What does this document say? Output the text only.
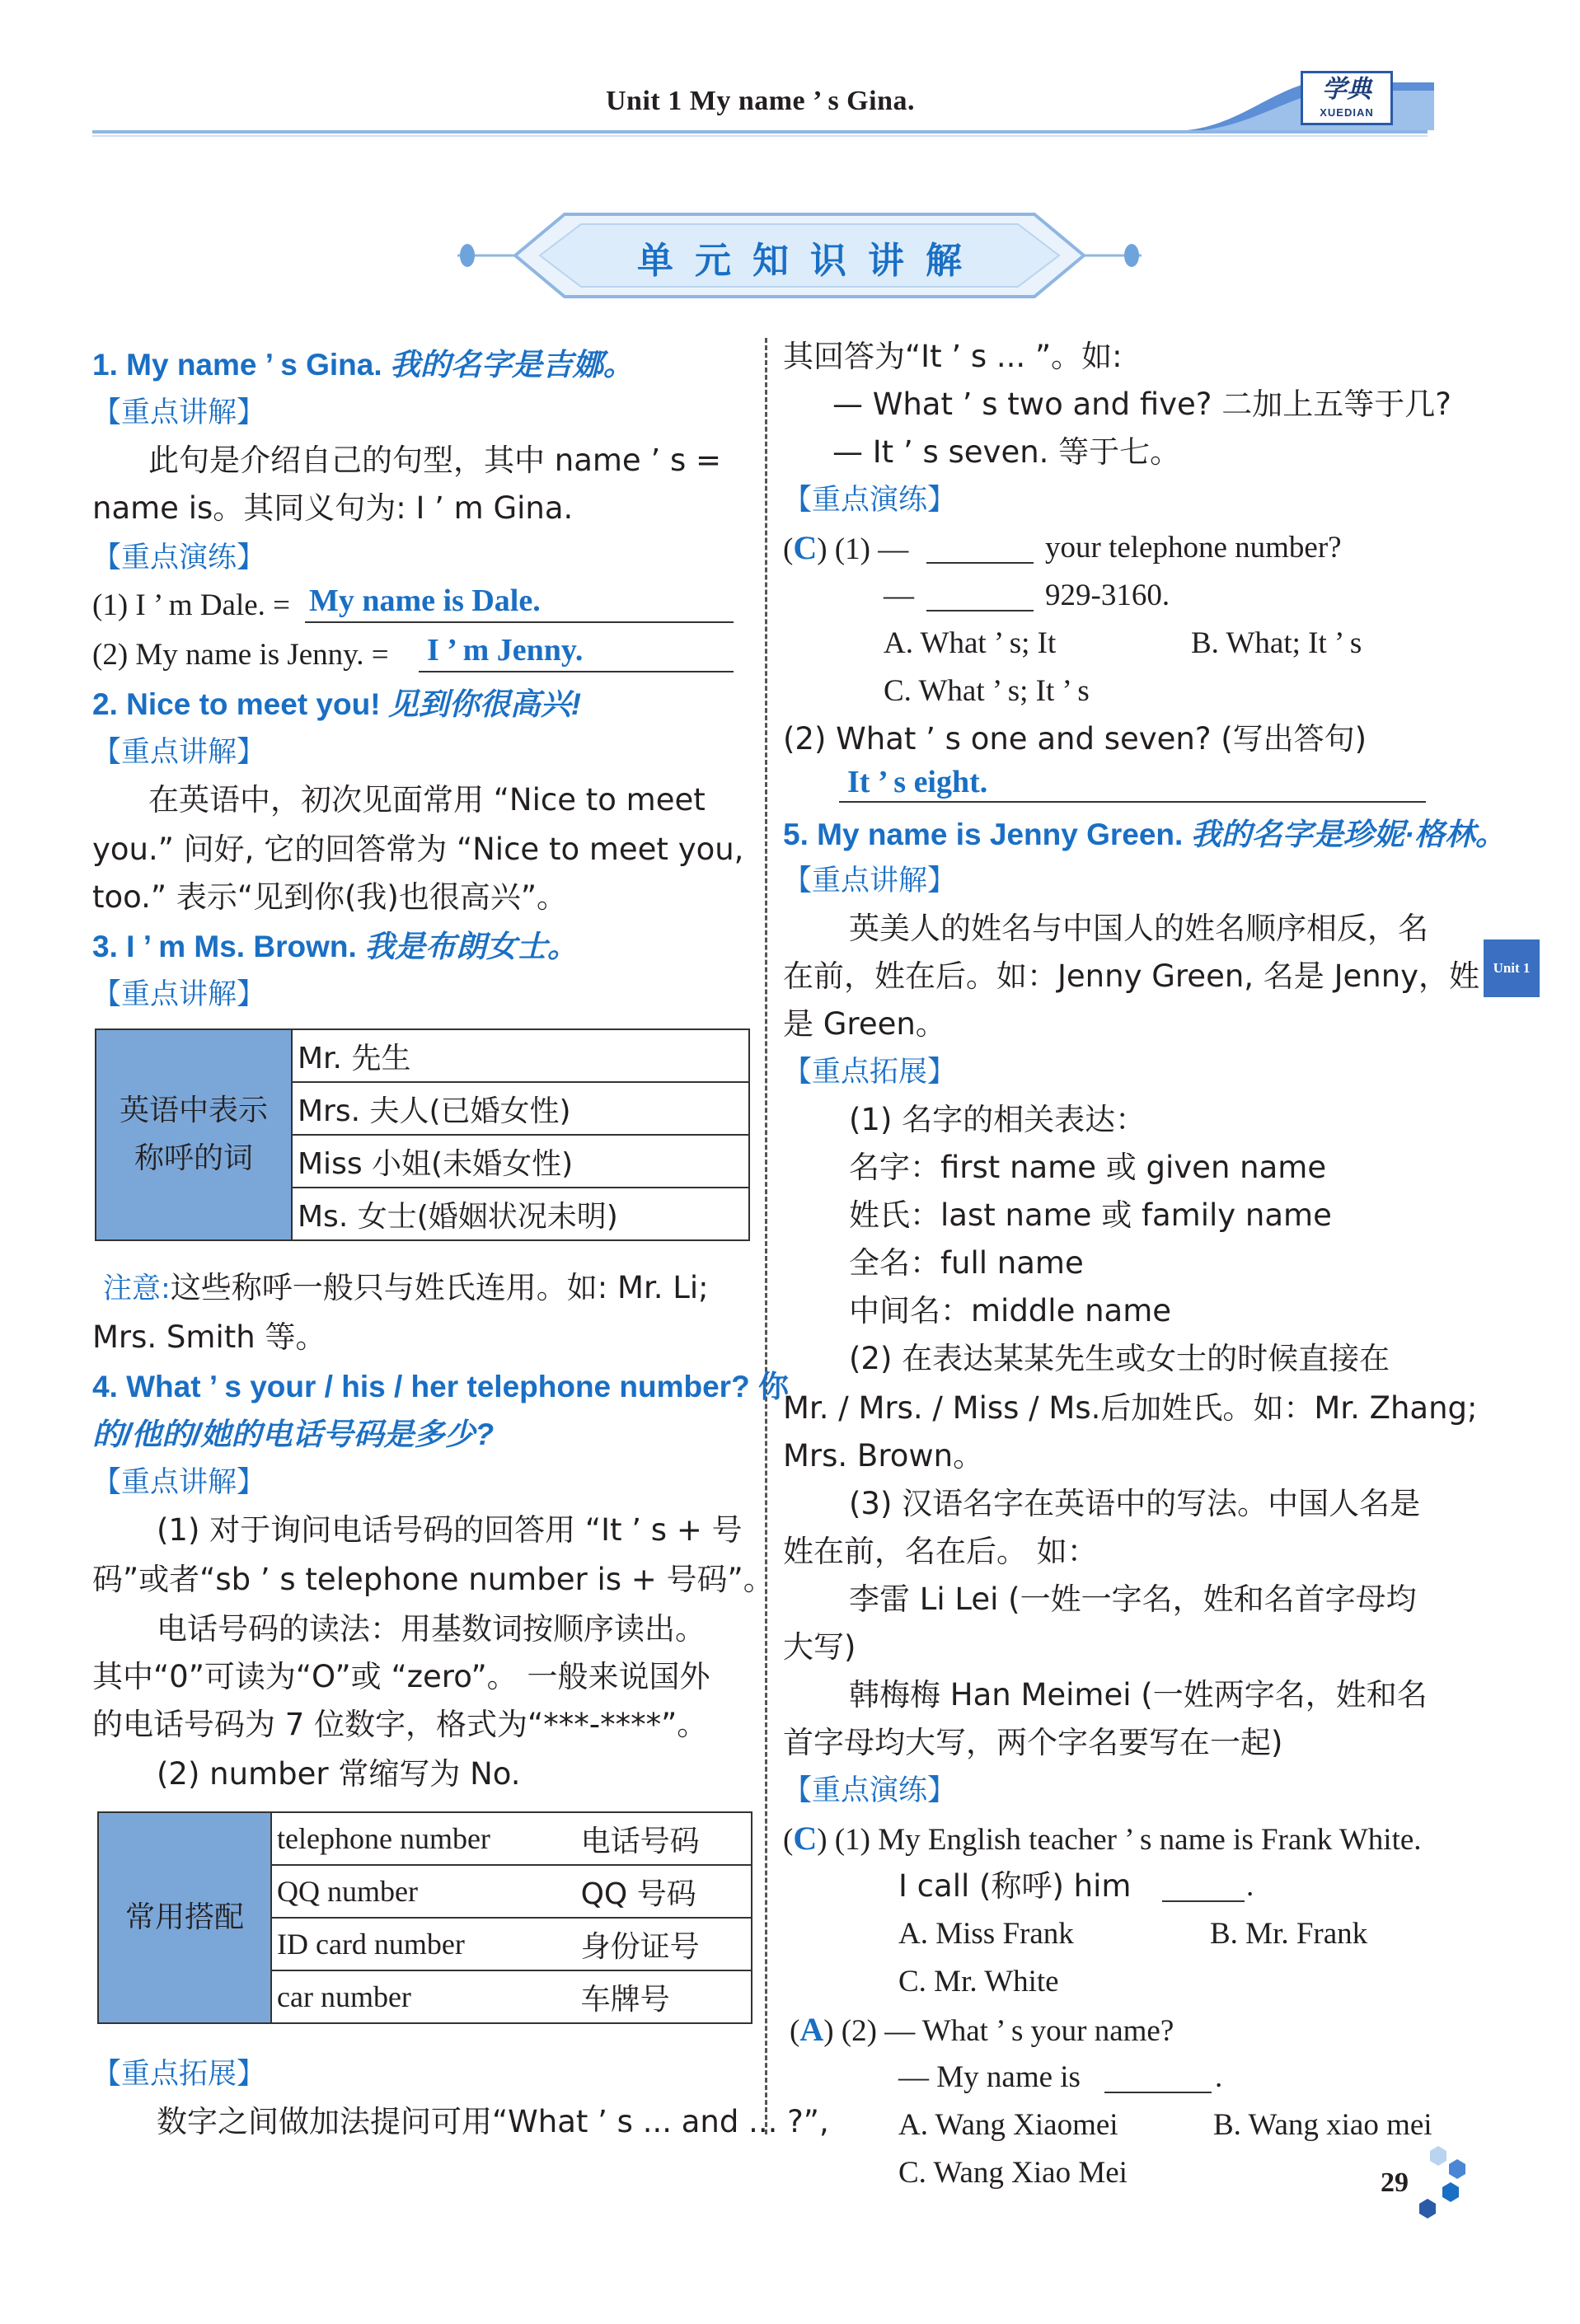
Unit 1 My name ’ s Gina.	学典
XUEDIAN
单元知识讲解
1. My name ’ s Gina. 我的名字是吉娜。
【重点讲解】
此句是介绍自己的句型，其中 name ’ s =
name is。其同义句为: I ’ m Gina.
【重点演练】
(1) I ’ m Dale. = My name is Dale.
(2) My name is Jenny. = I ’ m Jenny.
2. Nice to meet you! 见到你很高兴!
【重点讲解】
在英语中，初次见面常用 “Nice to meet
you.” 问好, 它的回答常为 “Nice to meet you,
too.” 表示“见到你(我)也很高兴”。
3. I ’ m Ms. Brown. 我是布朗女士。
【重点讲解】
英语中表示
称呼的词
	Mr. 先生
Mrs. 夫人(已婚女性)
Miss 小姐(未婚女性)
Ms. 女士(婚姻状况未明)
注意:这些称呼一般只与姓氏连用。如: Mr. Li;
Mrs. Smith 等。
4. What ’ s your / his / her telephone number? 你
的/他的/她的电话号码是多少?
【重点讲解】
(1) 对于询问电话号码的回答用 “It ’ s + 号
码”或者“sb ’ s telephone number is + 号码”。
电话号码的读法：用基数词按顺序读出。
其中“0”可读为“O”或 “zero”。 一般来说国外
的电话号码为 7 位数字，格式为“***-****”。
(2) number 常缩写为 No.
常用搭配	telephone number	电话号码
	QQ number	QQ 号码
	ID card number	身份证号
	car number	车牌号
【重点拓展】
数字之间做加法提问可用“What ’ s ... and ... ?”,
其回答为“It ’ s ... ”。如:
— What ’ s two and five? 二加上五等于几?
— It ’ s seven. 等于七。
【重点演练】
(C) (1) —	your telephone number?
—	929-3160.
A. What ’ s; It	B. What; It ’ s
C. What ’ s; It ’ s
(2) What ’ s one and seven? (写出答句)
It ’ s eight.
5. My name is Jenny Green. 我的名字是珍妮·格林。
【重点讲解】
英美人的姓名与中国人的姓名顺序相反，名
在前，姓在后。如：Jenny Green, 名是 Jenny，姓
是 Green。
【重点拓展】
(1) 名字的相关表达：
名字：first name 或 given name
姓氏：last name 或 family name
全名：full name
中间名：middle name
(2) 在表达某某先生或女士的时候直接在
Mr. / Mrs. / Miss / Ms.后加姓氏。如：Mr. Zhang;
Mrs. Brown。
(3) 汉语名字在英语中的写法。中国人名是
姓在前，名在后。 如：
李雷 Li Lei (一姓一字名，姓和名首字母均
大写)
韩梅梅 Han Meimei (一姓两字名，姓和名
首字母均大写，两个字名要写在一起)
【重点演练】
(C) (1) My English teacher ’ s name is Frank White.
I call (称呼) him	.
A. Miss Frank	B. Mr. Frank
C. Mr. White
(A) (2) — What ’ s your name?
— My name is	.
A. Wang Xiaomei	B. Wang xiao mei
C. Wang Xiao Mei
Unit 1
29
